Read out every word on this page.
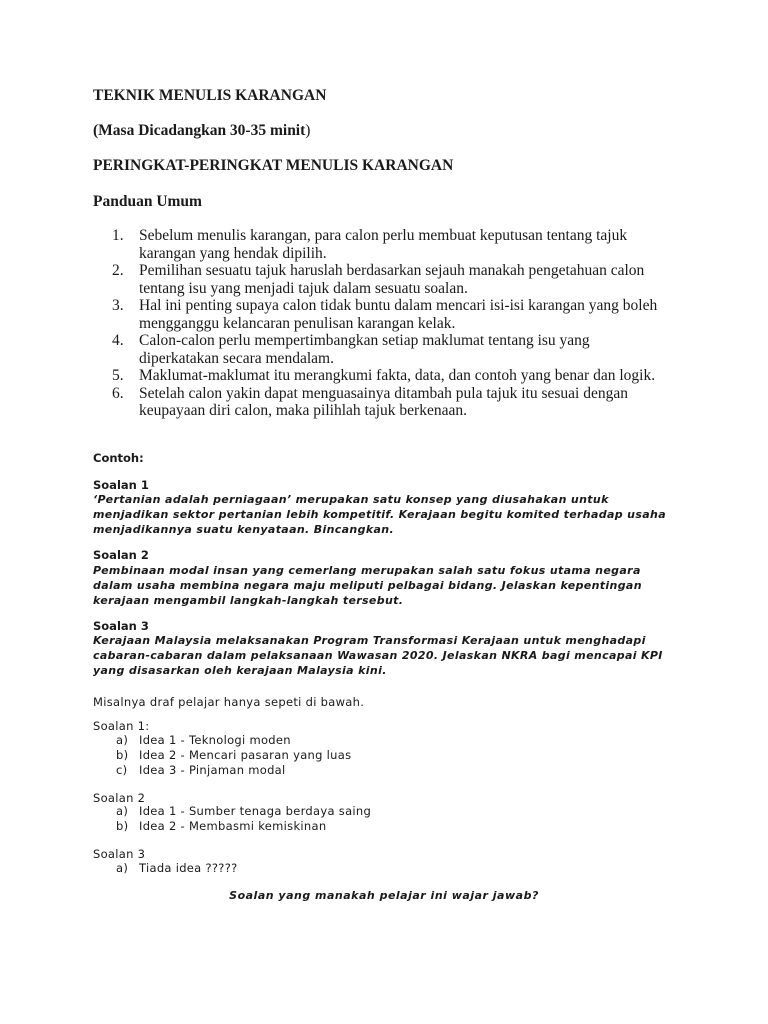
TEKNIK MENULIS KARANGAN

(Masa Dicadangkan 30-35 minit)

PERINGKAT-PERINGKAT MENULIS KARANGAN

Panduan Umum

1. Sebelum menulis karangan, para calon perlu membuat keputusan tentang tajuk karangan yang hendak dipilih.
2. Pemilihan sesuatu tajuk haruslah berdasarkan sejauh manakah pengetahuan calon tentang isu yang menjadi tajuk dalam sesuatu soalan.
3. Hal ini penting supaya calon tidak buntu dalam mencari isi-isi karangan yang boleh mengganggu kelancaran penulisan karangan kelak.
4. Calon-calon perlu mempertimbangkan setiap maklumat tentang isu yang diperkatakan secara mendalam.
5. Maklumat-maklumat itu merangkumi fakta, data, dan contoh yang benar dan logik.
6. Setelah calon yakin dapat menguasainya ditambah pula tajuk itu sesuai dengan keupayaan diri calon, maka pilihlah tajuk berkenaan.

Contoh:

Soalan 1

‘Pertanian adalah perniagaan’ merupakan satu konsep yang diusahakan untuk menjadikan sektor pertanian lebih kompetitif. Kerajaan begitu komited terhadap usaha menjadikannya suatu kenyataan. Bincangkan.

Soalan 2

Pembinaan modal insan yang cemerlang merupakan salah satu fokus utama negara dalam usaha membina negara maju meliputi pelbagai bidang. Jelaskan kepentingan kerajaan mengambil langkah-langkah tersebut.

Soalan 3

Kerajaan Malaysia melaksanakan Program Transformasi Kerajaan untuk menghadapi cabaran-cabaran dalam pelaksanaan Wawasan 2020. Jelaskan NKRA bagi mencapai KPI yang disasarkan oleh kerajaan Malaysia kini.

Misalnya draf pelajar hanya sepeti di bawah.

Soalan 1:

a) Idea 1 - Teknologi moden
b) Idea 2 - Mencari pasaran yang luas
c) Idea 3 - Pinjaman modal

Soalan 2

a) Idea 1 - Sumber tenaga berdaya saing
b) Idea 2 - Membasmi kemiskinan

Soalan 3

a) Tiada idea ?????

Soalan yang manakah pelajar ini wajar jawab?
